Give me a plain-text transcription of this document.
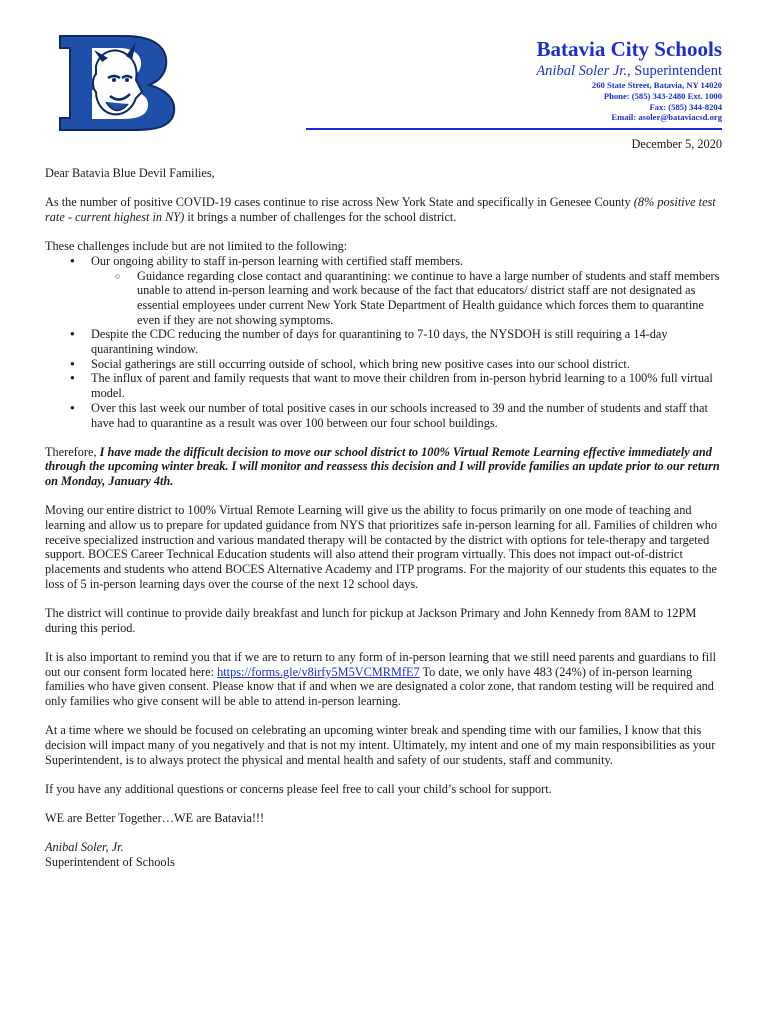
Batavia City Schools
Anibal Soler Jr., Superintendent
260 State Street, Batavia, NY 14020
Phone: (585) 343-2480 Ext. 1000
Fax: (585) 344-8204
Email: asoler@bataviacsd.org
December 5, 2020

Dear Batavia Blue Devil Families,

As the number of positive COVID-19 cases continue to rise across New York State and specifically in Genesee County (8% positive test rate - current highest in NY) it brings a number of challenges for the school district.

These challenges include but are not limited to the following:
● Our ongoing ability to staff in-person learning with certified staff members.
○ Guidance regarding close contact and quarantining: we continue to have a large number of students and staff members unable to attend in-person learning and work because of the fact that educators/ district staff are not designated as essential employees under current New York State Department of Health guidance which forces them to quarantine even if they are not showing symptoms.
● Despite the CDC reducing the number of days for quarantining to 7-10 days, the NYSDOH is still requiring a 14-day quarantining window.
● Social gatherings are still occurring outside of school, which bring new positive cases into our school district.
● The influx of parent and family requests that want to move their children from in-person hybrid learning to a 100% full virtual model.
● Over this last week our number of total positive cases in our schools increased to 39 and the number of students and staff that have had to quarantine as a result was over 100 between our four school buildings.

Therefore, I have made the difficult decision to move our school district to 100% Virtual Remote Learning effective immediately and through the upcoming winter break. I will monitor and reassess this decision and I will provide families an update prior to our return on Monday, January 4th.

Moving our entire district to 100% Virtual Remote Learning will give us the ability to focus primarily on one mode of teaching and learning and allow us to prepare for updated guidance from NYS that prioritizes safe in-person learning for all. Families of children who receive specialized instruction and various mandated therapy will be contacted by the district with options for tele-therapy and targeted support. BOCES Career Technical Education students will also attend their program virtually. This does not impact out-of-district placements and students who attend BOCES Alternative Academy and ITP programs. For the majority of our students this equates to the loss of 5 in-person learning days over the course of the next 12 school days.

The district will continue to provide daily breakfast and lunch for pickup at Jackson Primary and John Kennedy from 8AM to 12PM during this period.

It is also important to remind you that if we are to return to any form of in-person learning that we still need parents and guardians to fill out our consent form located here: https://forms.gle/v8irfy5M5VCMRMfE7 To date, we only have 483 (24%) of in-person learning families who have given consent. Please know that if and when we are designated a color zone, that random testing will be required and only families who give consent will be able to attend in-person learning.

At a time where we should be focused on celebrating an upcoming winter break and spending time with our families, I know that this decision will impact many of you negatively and that is not my intent. Ultimately, my intent and one of my main responsibilities as your Superintendent, is to always protect the physical and mental health and safety of our students, staff and community.

If you have any additional questions or concerns please feel free to call your child’s school for support.

WE are Better Together…WE are Batavia!!!

Anibal Soler, Jr.
Superintendent of Schools
